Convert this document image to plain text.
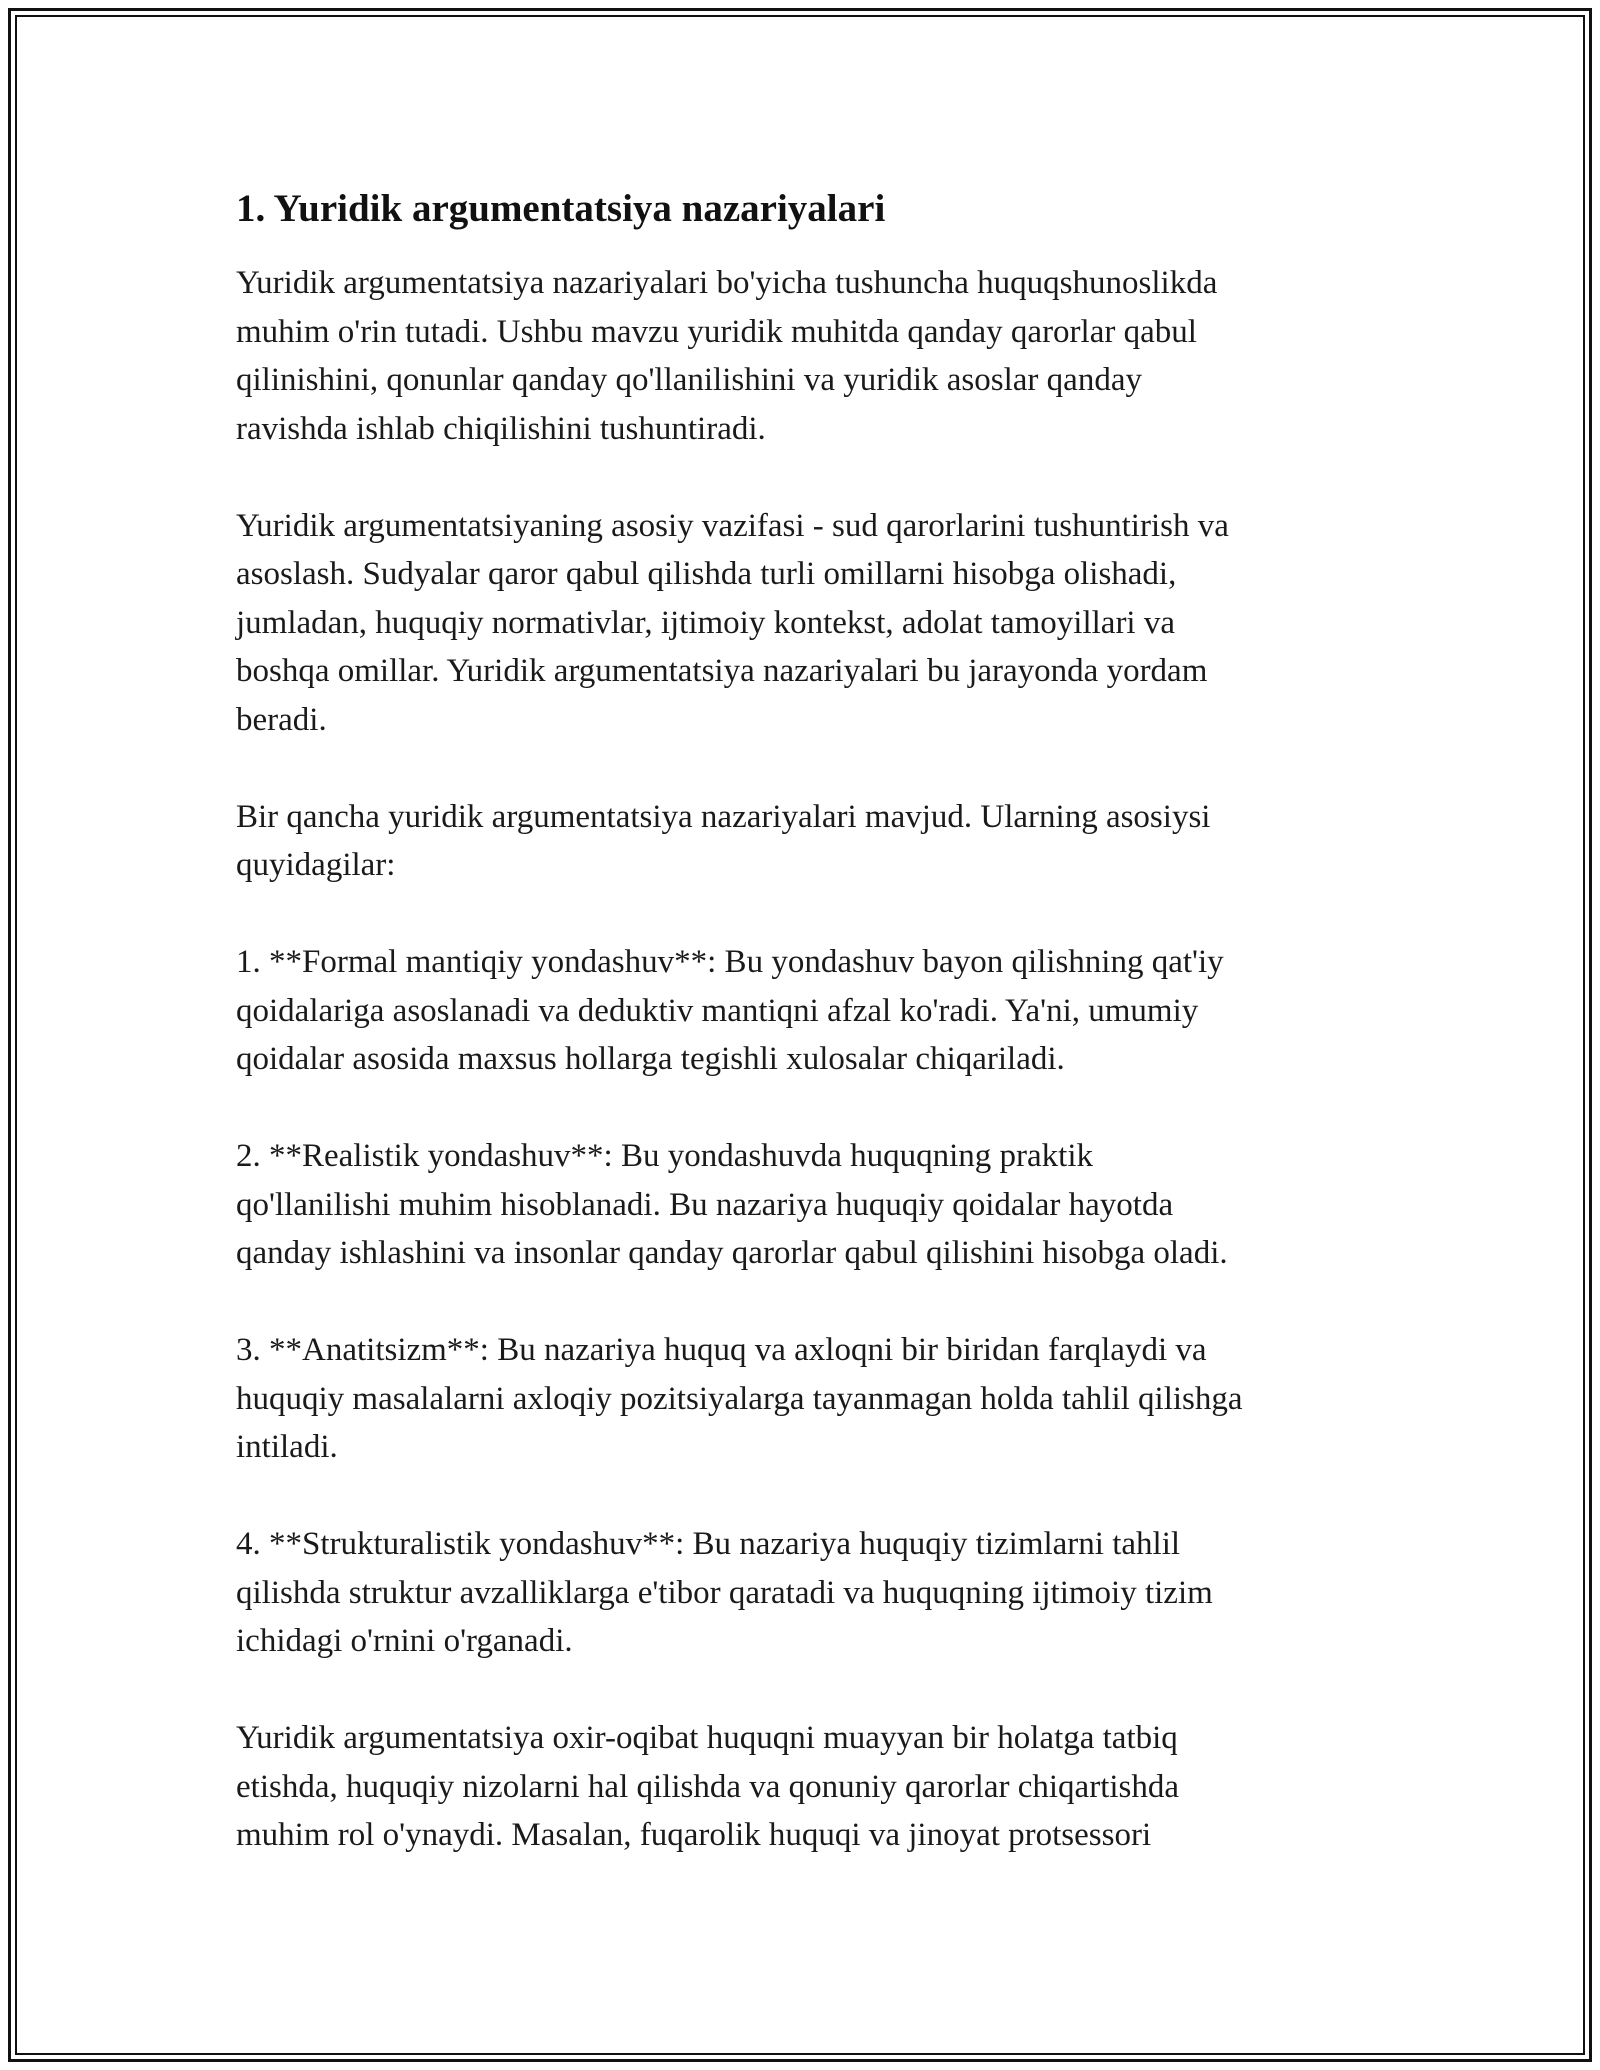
1. Yuridik argumentatsiya nazariyalari

Yuridik argumentatsiya nazariyalari bo'yicha tushuncha huquqshunoslikda
muhim o'rin tutadi. Ushbu mavzu yuridik muhitda qanday qarorlar qabul
qilinishini, qonunlar qanday qo'llanilishini va yuridik asoslar qanday
ravishda ishlab chiqilishini tushuntiradi.

Yuridik argumentatsiyaning asosiy vazifasi - sud qarorlarini tushuntirish va
asoslash. Sudyalar qaror qabul qilishda turli omillarni hisobga olishadi,
jumladan, huquqiy normativlar, ijtimoiy kontekst, adolat tamoyillari va
boshqa omillar. Yuridik argumentatsiya nazariyalari bu jarayonda yordam
beradi.

Bir qancha yuridik argumentatsiya nazariyalari mavjud. Ularning asosiysi
quyidagilar:

1. **Formal mantiqiy yondashuv**: Bu yondashuv bayon qilishning qat'iy
qoidalariga asoslanadi va deduktiv mantiqni afzal ko'radi. Ya'ni, umumiy
qoidalar asosida maxsus hollarga tegishli xulosalar chiqariladi.

2. **Realistik yondashuv**: Bu yondashuvda huquqning praktik
qo'llanilishi muhim hisoblanadi. Bu nazariya huquqiy qoidalar hayotda
qanday ishlashini va insonlar qanday qarorlar qabul qilishini hisobga oladi.

3. **Anatitsizm**: Bu nazariya huquq va axloqni bir biridan farqlaydi va
huquqiy masalalarni axloqiy pozitsiyalarga tayanmagan holda tahlil qilishga
intiladi.

4. **Strukturalistik yondashuv**: Bu nazariya huquqiy tizimlarni tahlil
qilishda struktur avzalliklarga e'tibor qaratadi va huquqning ijtimoiy tizim
ichidagi o'rnini o'rganadi.

Yuridik argumentatsiya oxir-oqibat huquqni muayyan bir holatga tatbiq
etishda, huquqiy nizolarni hal qilishda va qonuniy qarorlar chiqartishda
muhim rol o'ynaydi. Masalan, fuqarolik huquqi va jinoyat protsessori
